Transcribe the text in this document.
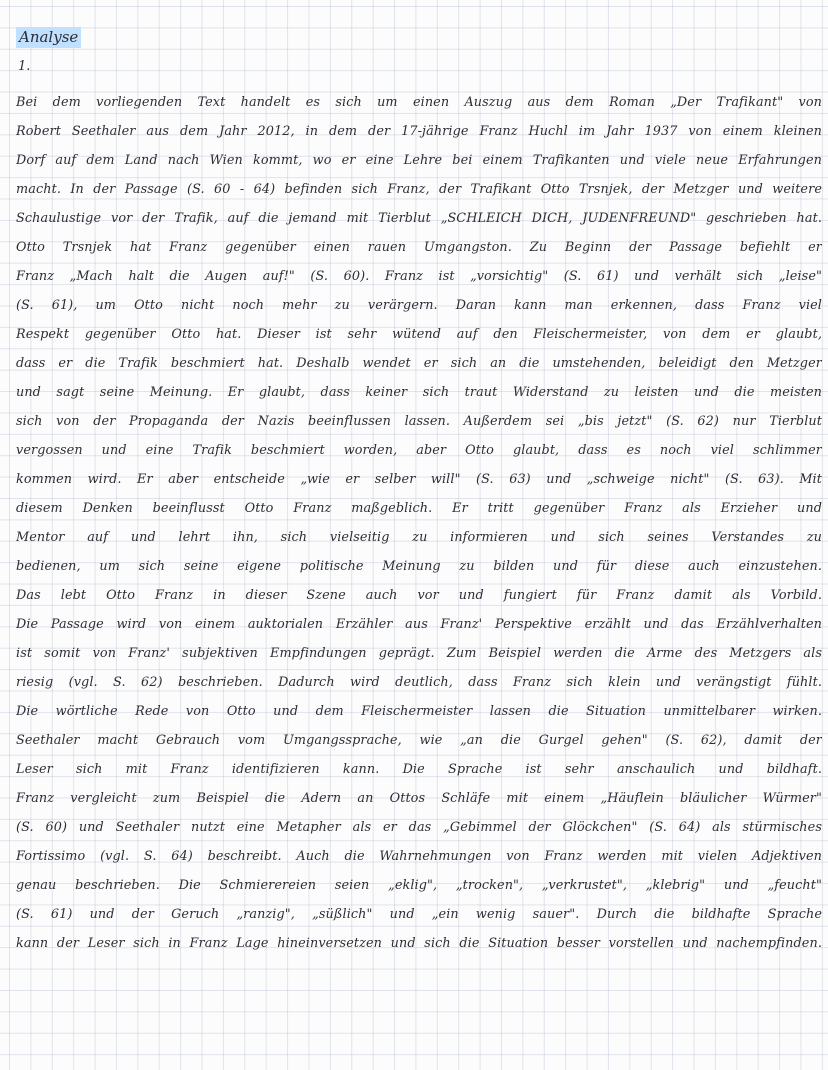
Analyse
1.
Bei dem vorliegenden Text handelt es sich um einen Auszug aus dem Roman „Der Trafikant" von
Robert Seethaler aus dem Jahr 2012, in dem der 17-jährige Franz Huchl im Jahr 1937 von einem kleinen
Dorf auf dem Land nach Wien kommt, wo er eine Lehre bei einem Trafikanten und viele neue Erfahrungen
macht. In der Passage (S. 60 - 64) befinden sich Franz, der Trafikant Otto Trsnjek, der Metzger und weitere
Schaulustige vor der Trafik, auf die jemand mit Tierblut „SCHLEICH DICH, JUDENFREUND" geschrieben hat.
Otto Trsnjek hat Franz gegenüber einen rauen Umgangston. Zu Beginn der Passage befiehlt er
Franz „Mach halt die Augen auf!" (S. 60). Franz ist „vorsichtig" (S. 61) und verhält sich „leise"
(S. 61), um Otto nicht noch mehr zu verärgern. Daran kann man erkennen, dass Franz viel
Respekt gegenüber Otto hat. Dieser ist sehr wütend auf den Fleischermeister, von dem er glaubt,
dass er die Trafik beschmiert hat. Deshalb wendet er sich an die umstehenden, beleidigt den Metzger
und sagt seine Meinung. Er glaubt, dass keiner sich traut Widerstand zu leisten und die meisten
sich von der Propaganda der Nazis beeinflussen lassen. Außerdem sei „bis jetzt" (S. 62) nur Tierblut
vergossen und eine Trafik beschmiert worden, aber Otto glaubt, dass es noch viel schlimmer
kommen wird. Er aber entscheide „wie er selber will" (S. 63) und „schweige nicht" (S. 63). Mit
diesem Denken beeinflusst Otto Franz maßgeblich. Er tritt gegenüber Franz als Erzieher und
Mentor auf und lehrt ihn, sich vielseitig zu informieren und sich seines Verstandes zu
bedienen, um sich seine eigene politische Meinung zu bilden und für diese auch einzustehen.
Das lebt Otto Franz in dieser Szene auch vor und fungiert für Franz damit als Vorbild.
Die Passage wird von einem auktorialen Erzähler aus Franz' Perspektive erzählt und das Erzählverhalten
ist somit von Franz' subjektiven Empfindungen geprägt. Zum Beispiel werden die Arme des Metzgers als
riesig (vgl. S. 62) beschrieben. Dadurch wird deutlich, dass Franz sich klein und verängstigt fühlt.
Die wörtliche Rede von Otto und dem Fleischermeister lassen die Situation unmittelbarer wirken.
Seethaler macht Gebrauch vom Umgangssprache, wie „an die Gurgel gehen" (S. 62), damit der
Leser sich mit Franz identifizieren kann. Die Sprache ist sehr anschaulich und bildhaft.
Franz vergleicht zum Beispiel die Adern an Ottos Schläfe mit einem „Häuflein bläulicher Würmer"
(S. 60) und Seethaler nutzt eine Metapher als er das „Gebimmel der Glöckchen" (S. 64) als stürmisches
Fortissimo (vgl. S. 64) beschreibt. Auch die Wahrnehmungen von Franz werden mit vielen Adjektiven
genau beschrieben. Die Schmierereien seien „eklig", „trocken", „verkrustet", „klebrig" und „feucht"
(S. 61) und der Geruch „ranzig", „süßlich" und „ein wenig sauer". Durch die bildhafte Sprache
kann der Leser sich in Franz Lage hineinversetzen und sich die Situation besser vorstellen und nachempfinden.
